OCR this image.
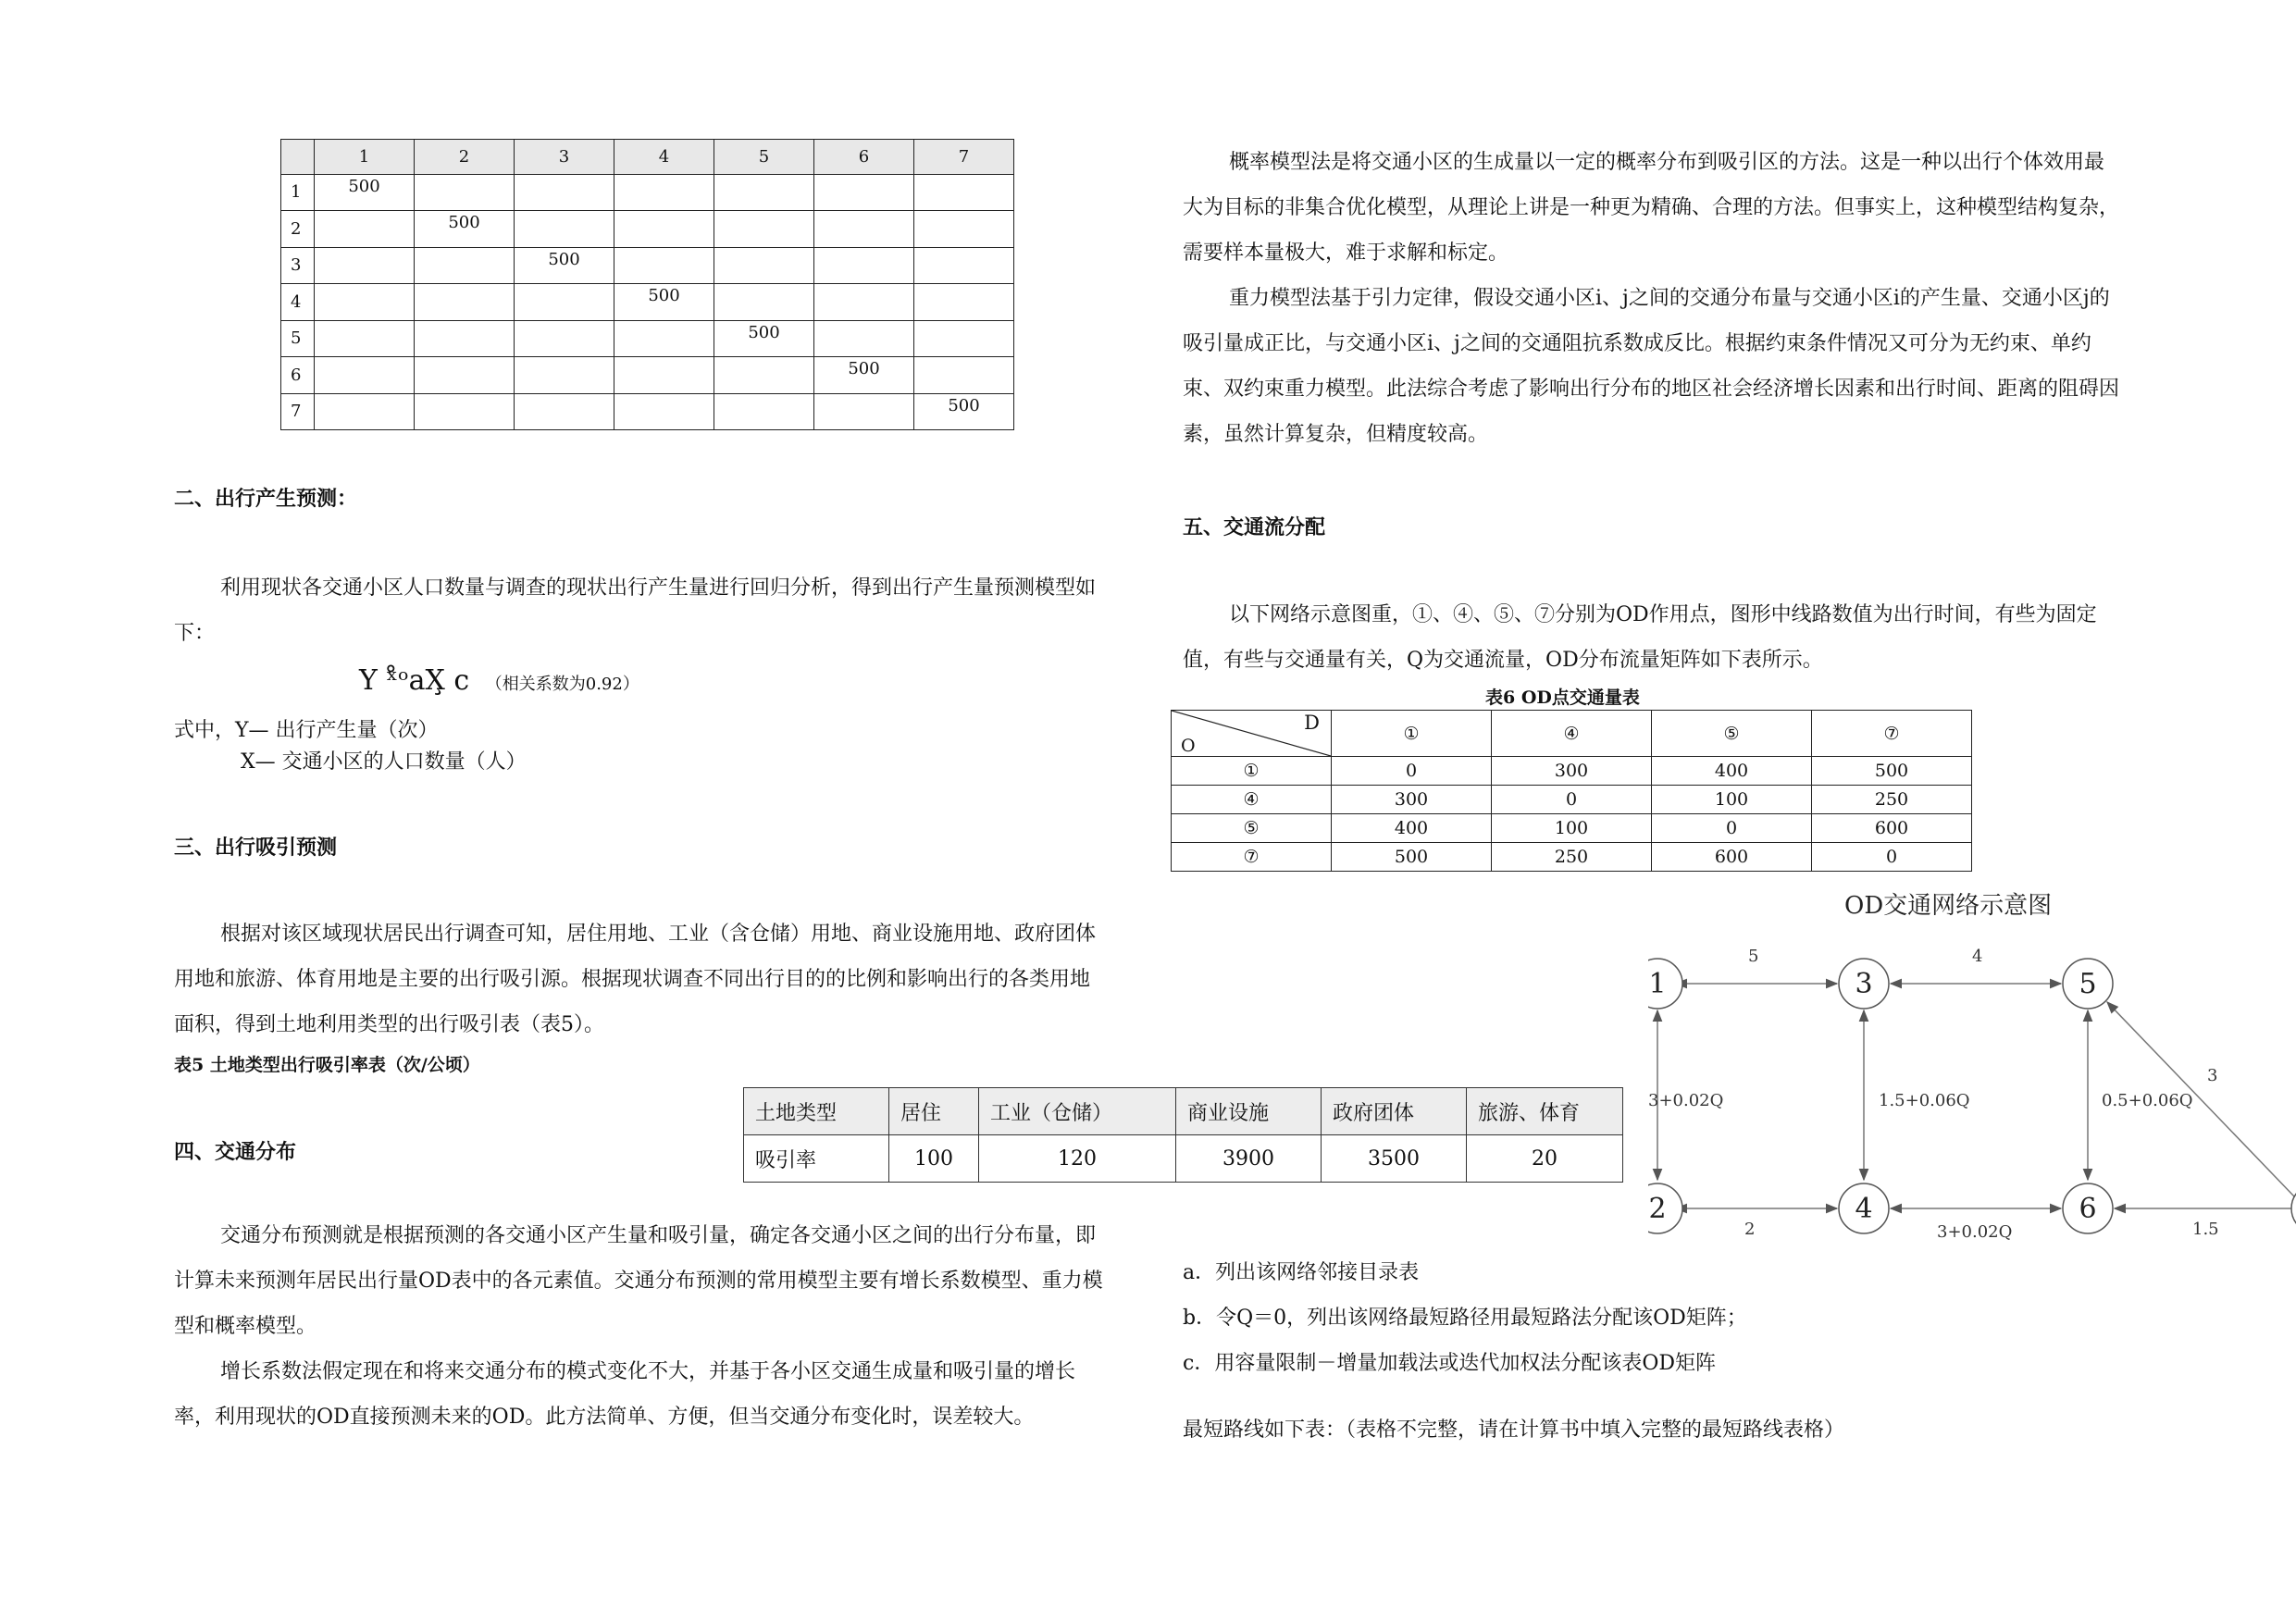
	1	2	3	4	5	6	7
1	500						
2		500					
3			500				
4				500			
5					500		
6						500	
7							500
二、出行产生预测：

利用现状各交通小区人口数量与调查的现状出行产生量进行回归分析，得到出行产生量预测模型如下：

Y ˣ̊ᵒaX̧ c （相关系数为0.92）
式中，Y— 出行产生量（次）
X— 交通小区的人口数量（人）
三、出行吸引预测

根据对该区域现状居民出行调查可知，居住用地、工业（含仓储）用地、商业设施用地、政府团体用地和旅游、体育用地是主要的出行吸引源。根据现状调查不同出行目的的比例和影响出行的各类用地面积，得到土地利用类型的出行吸引表（表5）。

表5 土地类型出行吸引率表（次/公顷）
四、交通分布

交通分布预测就是根据预测的各交通小区产生量和吸引量，确定各交通小区之间的出行分布量，即计算未来预测年居民出行量OD表中的各元素值。交通分布预测的常用模型主要有增长系数模型、重力模型和概率模型。

增长系数法假定现在和将来交通分布的模式变化不大，并基于各小区交通生成量和吸引量的增长率，利用现状的OD直接预测未来的OD。此方法简单、方便，但当交通分布变化时，误差较大。

土地类型	居住	工业（仓储）	商业设施	政府团体	旅游、体育
吸引率	100	120	3900	3500	20

概率模型法是将交通小区的生成量以一定的概率分布到吸引区的方法。这是一种以出行个体效用最大为目标的非集合优化模型，从理论上讲是一种更为精确、合理的方法。但事实上，这种模型结构复杂，需要样本量极大，难于求解和标定。

重力模型法基于引力定律，假设交通小区i、j之间的交通分布量与交通小区i的产生量、交通小区j的吸引量成正比，与交通小区i、j之间的交通阻抗系数成反比。根据约束条件情况又可分为无约束、单约束、双约束重力模型。此法综合考虑了影响出行分布的地区社会经济增长因素和出行时间、距离的阻碍因素，虽然计算复杂，但精度较高。

五、交通流分配

以下网络示意图重，①、④、⑤、⑦分别为OD作用点，图形中线路数值为出行时间，有些为固定值，有些与交通量有关，Q为交通流量，OD分布流量矩阵如下表所示。

表6 OD点交通量表
D
O	①	④	⑤	⑦
①	0	300	400	500
④	300	0	100	250
⑤	400	100	0	600
⑦	500	250	600	0
OD交通网络示意图
5	4
3+0.02Q	1.5+0.06Q	0.5+0.06Q
3
2	3+0.02Q	1.5
1	3	5
2	4	6
a．列出该网络邻接目录表
b．令Q＝0，列出该网络最短路径用最短路法分配该OD矩阵；
c．用容量限制－增量加载法或迭代加权法分配该表OD矩阵
最短路线如下表：（表格不完整，请在计算书中填入完整的最短路线表格）
